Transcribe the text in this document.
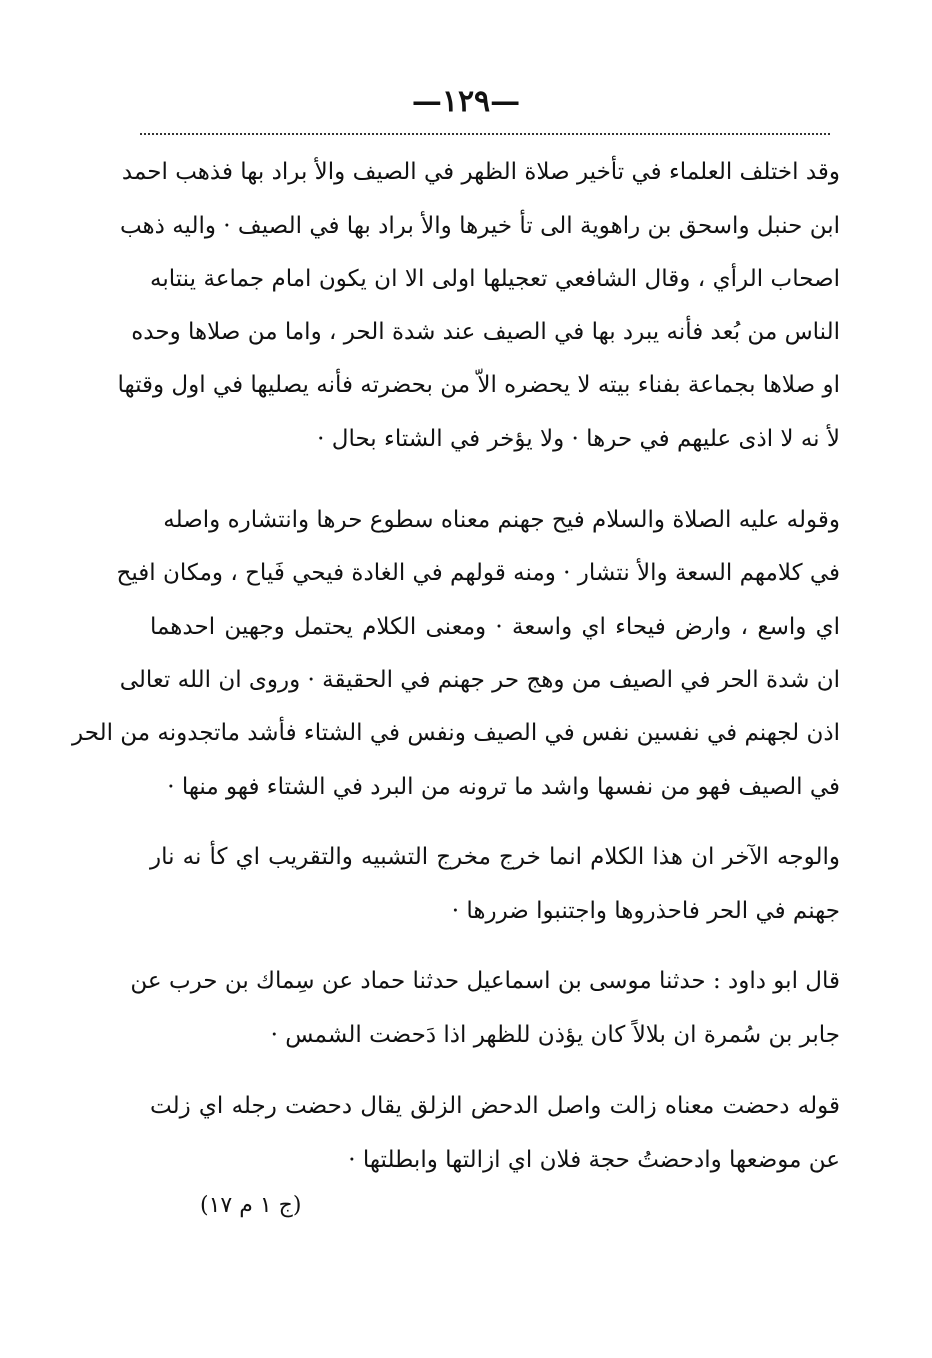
—١٢٩—
وقد اختلف العلماء في تأخير صلاة الظهر في الصيف والأ براد بها فذهب احمد
ابن حنبل واسحق بن راهوية الى تأ خيرها والأ براد بها في الصيف · واليه ذهب
اصحاب الرأي ، وقال الشافعي تعجيلها اولى الا ان يكون امام جماعة ينتابه
الناس من بُعد فأنه يبرد بها في الصيف عند شدة الحر ، واما من صلاها وحده
او صلاها بجماعة بفناء بيته لا يحضره الاّ من بحضرته فأنه يصليها في اول وقتها
لأ نه لا اذى عليهم في حرها · ولا يؤخر في الشتاء بحال ·
وقوله عليه الصلاة والسلام فيح جهنم معناه سطوع حرها وانتشاره واصله
في كلامهم السعة والأ نتشار · ومنه قولهم في الغادة فيحي فَياح ، ومكان افيح
اي واسع ، وارض فيحاء اي واسعة · ومعنى الكلام يحتمل وجهين احدهما
ان شدة الحر في الصيف من وهج حر جهنم في الحقيقة · وروى ان الله تعالى
اذن لجهنم في نفسين نفس في الصيف ونفس في الشتاء فأشد ماتجدونه من الحر
في الصيف فهو من نفسها واشد ما ترونه من البرد في الشتاء فهو منها ·
والوجه الآخر ان هذا الكلام انما خرج مخرج التشبيه والتقريب اي كأ نه نار
جهنم في الحر فاحذروها واجتنبوا ضررها ·
قال ابو داود : حدثنا موسى بن اسماعيل حدثنا حماد عن سِماك بن حرب عن
جابر بن سُمرة ان بلالاً كان يؤذن للظهر اذا دَحضت الشمس ·
قوله دحضت معناه زالت واصل الدحض الزلق يقال دحضت رجله اي زلت
عن موضعها وادحضتُ حجة فلان اي ازالتها وابطلتها ·
(ج ١ م ١٧)
